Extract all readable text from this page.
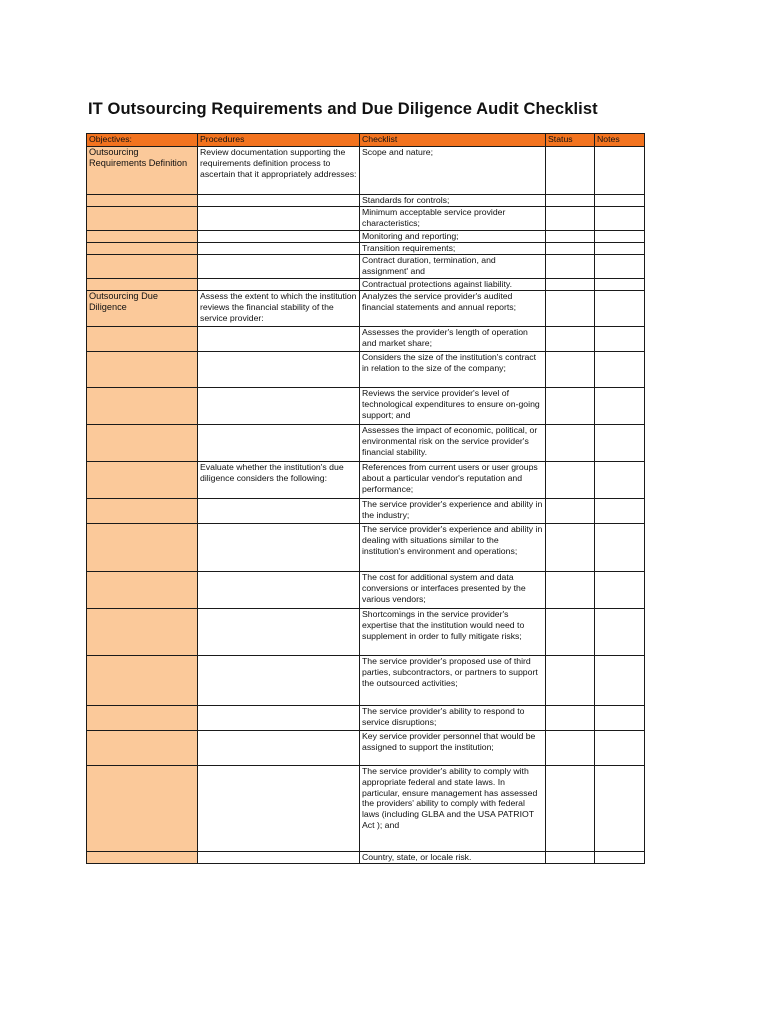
IT Outsourcing Requirements and Due Diligence Audit Checklist
Objectives:	Procedures	Checklist	Status	Notes
Outsourcing Requirements Definition	Review documentation supporting the requirements definition process to ascertain that it appropriately addresses:	Scope and nature;		
		Standards for controls;		
		Minimum acceptable service provider characteristics;		
		Monitoring and reporting;		
		Transition requirements;		
		Contract duration, termination, and assignment' and		
		Contractual protections against liability.		
Outsourcing Due Diligence	Assess the extent to which the institution reviews the financial stability of the service provider:	Analyzes the service provider's audited financial statements and annual reports;		
		Assesses the provider's length of operation and market share;		
		Considers the size of the institution's contract in relation to the size of the company;		
		Reviews the service provider's level of technological expenditures to ensure on-going support; and		
		Assesses the impact of economic, political, or environmental risk on the service provider's financial stability.		
	Evaluate whether the institution's due diligence considers the following:	References from current users or user groups about a particular vendor's reputation and performance;		
		The service provider's experience and ability in the industry;		
		The service provider's experience and ability in dealing with situations similar to the institution's environment and operations;		
		The cost for additional system and data conversions or interfaces presented by the various vendors;		
		Shortcomings in the service provider's expertise that the institution would need to supplement in order to fully mitigate risks;		
		The service provider's proposed use of third parties, subcontractors, or partners to support the outsourced activities;		
		The service provider's ability to respond to service disruptions;		
		Key service provider personnel that would be assigned to support the institution;		
		The service provider's ability to comply with appropriate federal and state laws. In particular, ensure management has assessed the providers' ability to comply with federal laws (including GLBA and the USA PATRIOT Act ); and		
		Country, state, or locale risk.		
